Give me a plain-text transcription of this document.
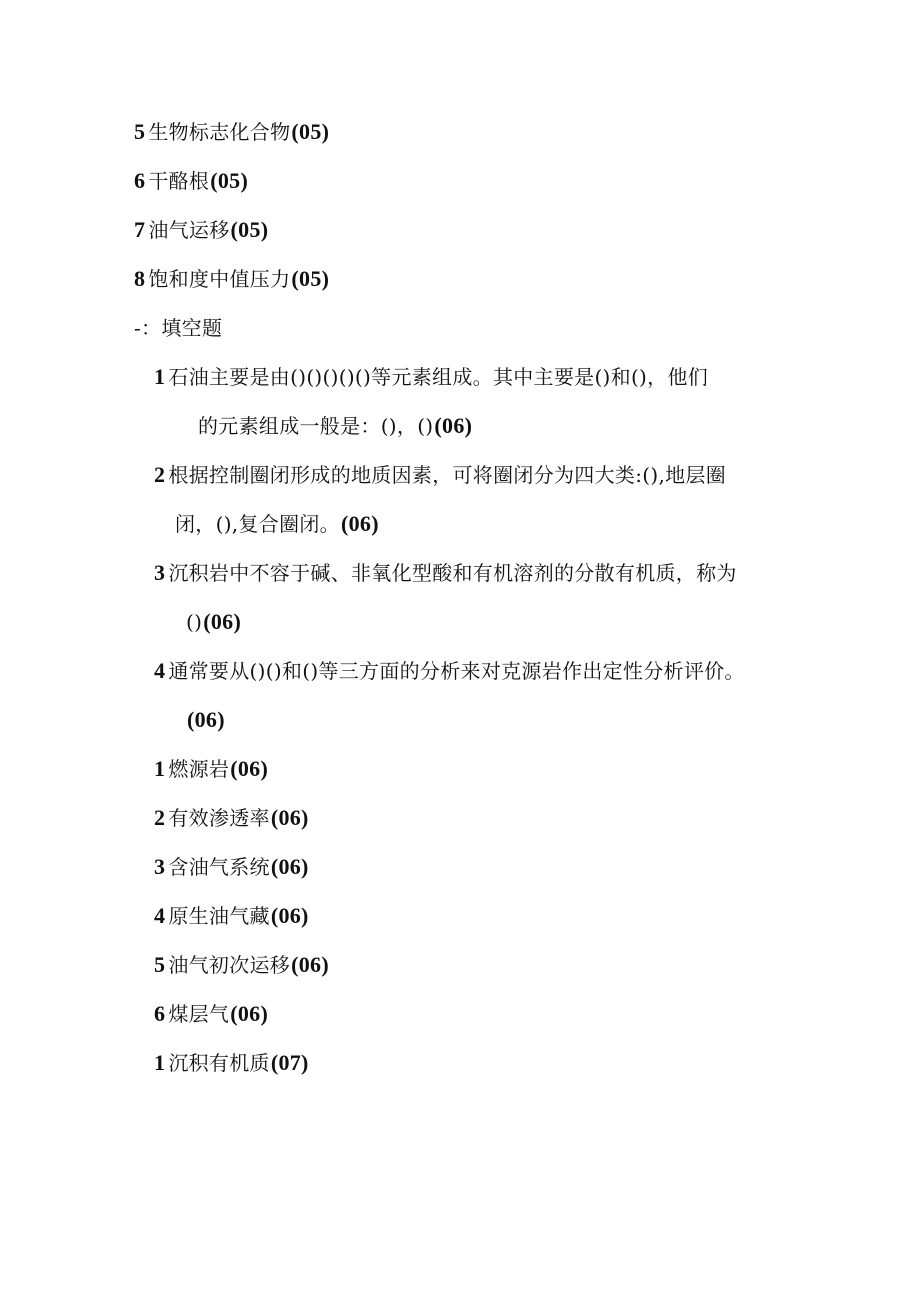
5 生物标志化合物(05)
6 干酪根(05)
7 油气运移(05)
8 饱和度中值压力(05)
-：填空题
1 石油主要是由()()()()()等元素组成。其中主要是()和()，他们
的元素组成一般是：()，()(06)
2 根据控制圈闭形成的地质因素，可将圈闭分为四大类:(),地层圈
闭，(),复合圈闭。(06)
3 沉积岩中不容于碱、非氧化型酸和有机溶剂的分散有机质，称为
()(06)
4 通常要从()()和()等三方面的分析来对克源岩作出定性分析评价。
(06)
1 燃源岩(06)
2 有效渗透率(06)
3 含油气系统(06)
4 原生油气藏(06)
5 油气初次运移(06)
6 煤层气(06)
1 沉积有机质(07)
